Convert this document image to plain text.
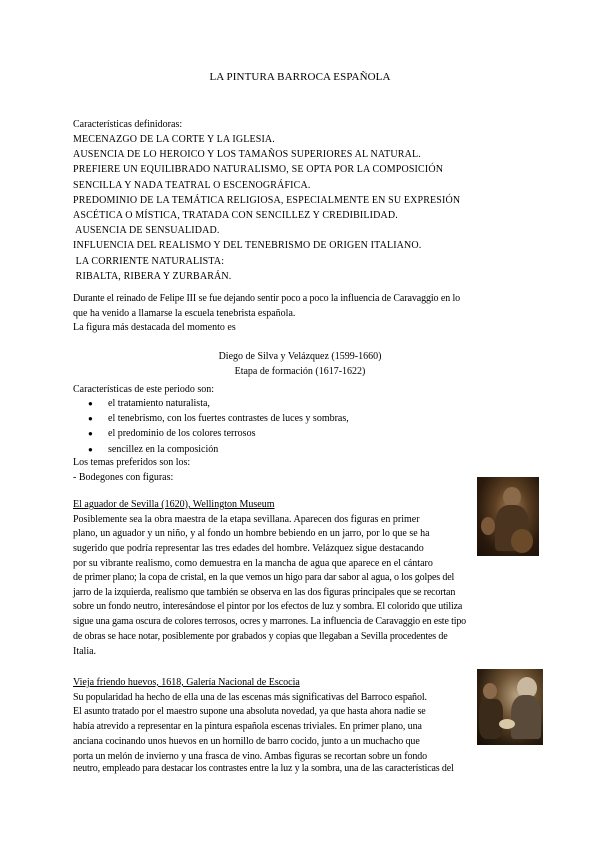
LA PINTURA BARROCA ESPAÑOLA
Características definidoras:
MECENAZGO DE LA CORTE Y LA IGLESIA.
AUSENCIA DE LO HEROICO Y LOS TAMAÑOS SUPERIORES AL NATURAL.
PREFIERE UN EQUILIBRADO NATURALISMO, SE OPTA POR LA COMPOSICIÓN
SENCILLA Y NADA TEATRAL O ESCENOGRÁFICA.
PREDOMINIO DE LA TEMÁTICA RELIGIOSA, ESPECIALMENTE EN SU EXPRESIÓN
ASCÉTICA O MÍSTICA, TRATADA CON SENCILLEZ Y CREDIBILIDAD.
AUSENCIA DE SENSUALIDAD.
INFLUENCIA DEL REALISMO Y DEL TENEBRISMO DE ORIGEN ITALIANO.
LA CORRIENTE NATURALISTA:
RIBALTA, RIBERA Y ZURBARÁN.
Durante el reinado de Felipe III se fue dejando sentir poco a poco la influencia de Caravaggio en lo
que ha venido a llamarse la escuela tenebrista española.
La figura más destacada del momento es
Diego de Silva y Velázquez (1599-1660)
Etapa de formación (1617-1622)
Características de este periodo son:
● el tratamiento naturalista,
● el tenebrismo, con los fuertes contrastes de luces y sombras,
● el predominio de los colores terrosos
● sencillez en la composición
Los temas preferidos son los:
- Bodegones con figuras:
El aguador de Sevilla (1620), Wellington Museum
Posiblemente sea la obra maestra de la etapa sevillana. Aparecen dos figuras en primer
plano, un aguador y un niño, y al fondo un hombre bebiendo en un jarro, por lo que se ha
sugerido que podría representar las tres edades del hombre. Velázquez sigue destacando
por su vibrante realismo, como demuestra en la mancha de agua que aparece en el cántaro
de primer plano; la copa de cristal, en la que vemos un higo para dar sabor al agua, o los golpes del
jarro de la izquierda, realismo que también se observa en las dos figuras principales que se recortan
sobre un fondo neutro, interesándose el pintor por los efectos de luz y sombra. El colorido que utiliza
sigue una gama oscura de colores terrosos, ocres y marrones. La influencia de Caravaggio en este tipo
de obras se hace notar, posiblemente por grabados y copias que llegaban a Sevilla procedentes de
Italia.
Vieja friendo huevos, 1618, Galería Nacional de Escocia
Su popularidad ha hecho de ella una de las escenas más significativas del Barroco español.
El asunto tratado por el maestro supone una absoluta novedad, ya que hasta ahora nadie se
había atrevido a representar en la pintura española escenas triviales. En primer plano, una
anciana cocinando unos huevos en un hornillo de barro cocido, junto a un muchacho que
porta un melón de invierno y una frasca de vino. Ambas figuras se recortan sobre un fondo
neutro, empleado para destacar los contrastes entre la luz y la sombra, una de las características del
